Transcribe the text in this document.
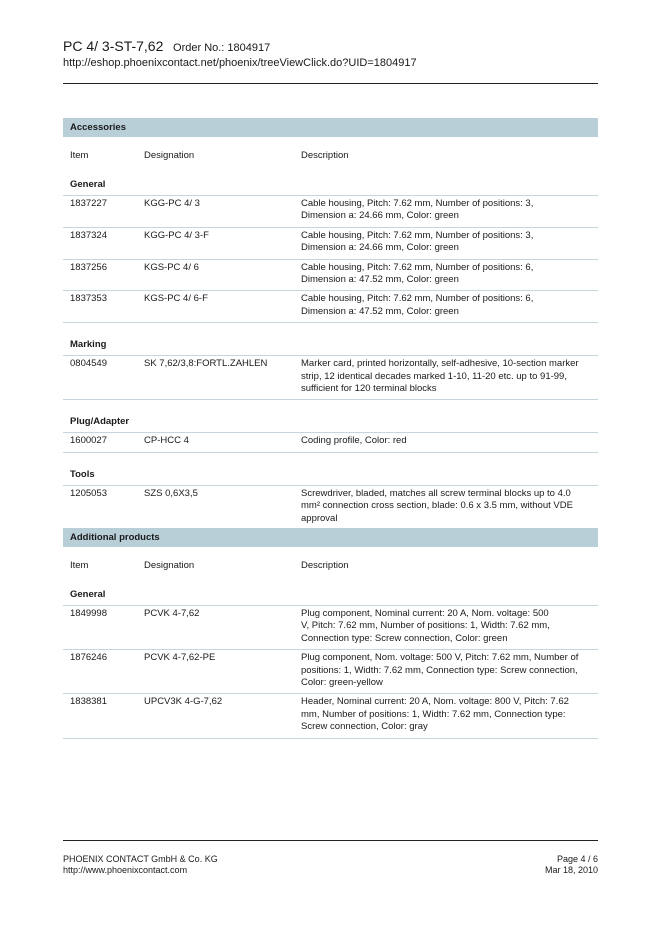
PC 4/ 3-ST-7,62 Order No.: 1804917
http://eshop.phoenixcontact.net/phoenix/treeViewClick.do?UID=1804917
Accessories
Item	Designation	Description
General
1837227	KGG-PC 4/ 3	Cable housing, Pitch: 7.62 mm, Number of positions: 3,
Dimension a: 24.66 mm, Color: green
1837324	KGG-PC 4/ 3-F	Cable housing, Pitch: 7.62 mm, Number of positions: 3,
Dimension a: 24.66 mm, Color: green
1837256	KGS-PC 4/ 6	Cable housing, Pitch: 7.62 mm, Number of positions: 6,
Dimension a: 47.52 mm, Color: green
1837353	KGS-PC 4/ 6-F	Cable housing, Pitch: 7.62 mm, Number of positions: 6,
Dimension a: 47.52 mm, Color: green
Marking
0804549	SK 7,62/3,8:FORTL.ZAHLEN	Marker card, printed horizontally, self-adhesive, 10-section marker
strip, 12 identical decades marked 1-10, 11-20 etc. up to 91-99,
sufficient for 120 terminal blocks
Plug/Adapter
1600027	CP-HCC 4	Coding profile, Color: red
Tools
1205053	SZS 0,6X3,5	Screwdriver, bladed, matches all screw terminal blocks up to 4.0
mm² connection cross section, blade: 0.6 x 3.5 mm, without VDE
approval
Additional products
Item	Designation	Description
General
1849998	PCVK 4-7,62	Plug component, Nominal current: 20 A, Nom. voltage: 500
V, Pitch: 7.62 mm, Number of positions: 1, Width: 7.62 mm,
Connection type: Screw connection, Color: green
1876246	PCVK 4-7,62-PE	Plug component, Nom. voltage: 500 V, Pitch: 7.62 mm, Number of
positions: 1, Width: 7.62 mm, Connection type: Screw connection,
Color: green-yellow
1838381	UPCV3K 4-G-7,62	Header, Nominal current: 20 A, Nom. voltage: 800 V, Pitch: 7.62
mm, Number of positions: 1, Width: 7.62 mm, Connection type:
Screw connection, Color: gray
PHOENIX CONTACT GmbH & Co. KG
http://www.phoenixcontact.com
Page 4 / 6
Mar 18, 2010
